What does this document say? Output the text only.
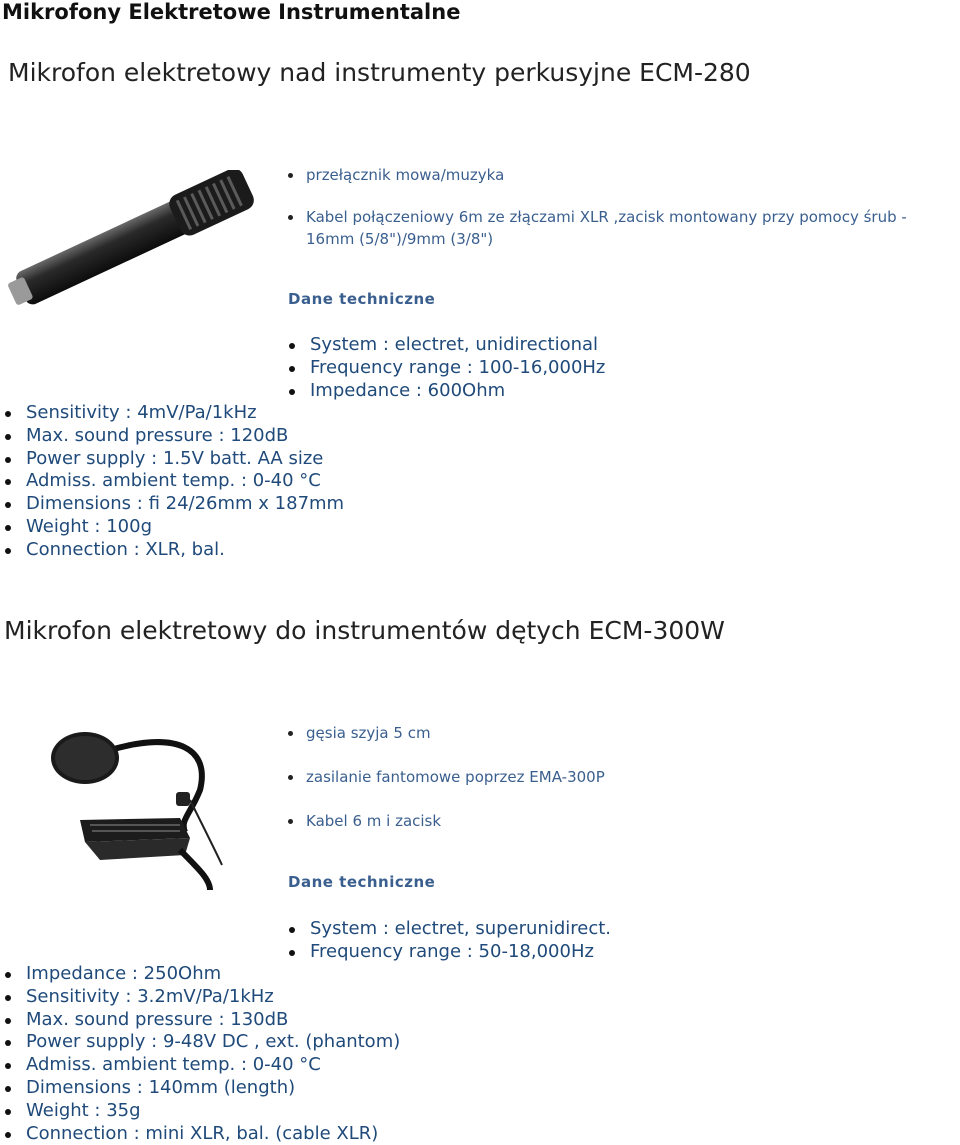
Mikrofony Elektretowe Instrumentalne
Mikrofon elektretowy nad instrumenty perkusyjne ECM-280
przełącznik mowa/muzyka
Kabel połączeniowy 6m ze złączami XLR ,zacisk montowany przy pomocy śrub - 16mm (5/8")/9mm (3/8")
Dane techniczne
System : electret, unidirectional
Frequency range : 100-16,000Hz
Impedance : 600Ohm
Sensitivity : 4mV/Pa/1kHz
Max. sound pressure : 120dB
Power supply : 1.5V batt. AA size
Admiss. ambient temp. : 0-40 °C
Dimensions : fi 24/26mm x 187mm
Weight : 100g
Connection : XLR, bal.
Mikrofon elektretowy do instrumentów dętych ECM-300W
gęsia szyja 5 cm
zasilanie fantomowe poprzez EMA-300P
Kabel 6 m i zacisk
Dane techniczne
System : electret, superunidirect.
Frequency range : 50-18,000Hz
Impedance : 250Ohm
Sensitivity : 3.2mV/Pa/1kHz
Max. sound pressure : 130dB
Power supply : 9-48V DC , ext. (phantom)
Admiss. ambient temp. : 0-40 °C
Dimensions : 140mm (length)
Weight : 35g
Connection : mini XLR, bal. (cable XLR)
